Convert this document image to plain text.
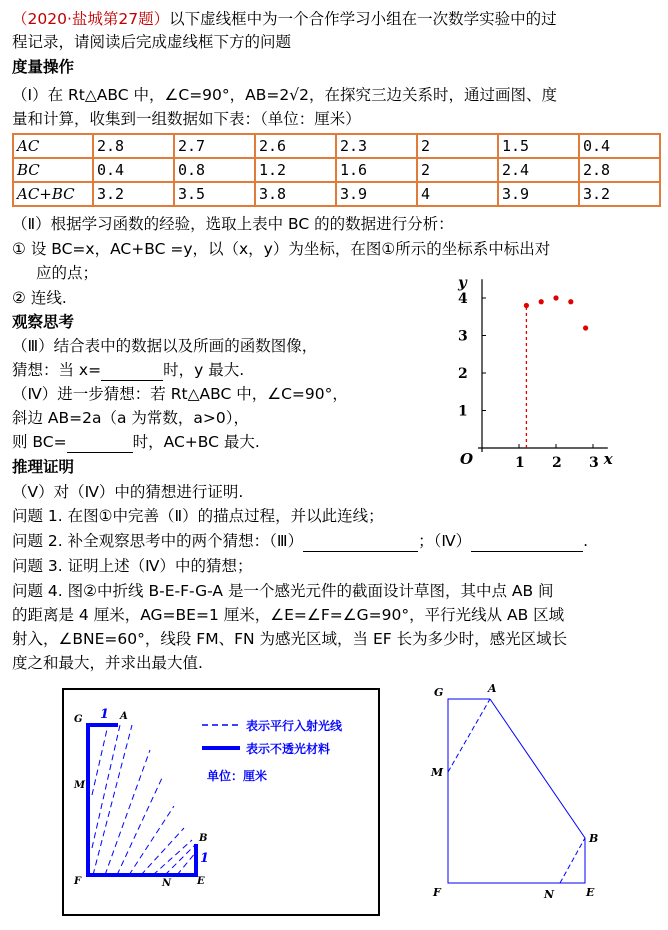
（2020·盐城第27题）以下虚线框中为一个合作学习小组在一次数学实验中的过
程记录，请阅读后完成虚线框下方的问题
度量操作
（Ⅰ）在 Rt△ABC 中，∠C=90°，AB=2√2，在探究三边关系时，通过画图、度
量和计算，收集到一组数据如下表：（单位：厘米）
AC	2.8	2.7	2.6	2.3	2	1.5	0.4
BC	0.4	0.8	1.2	1.6	2	2.4	2.8
AC+BC	3.2	3.5	3.8	3.9	4	3.9	3.2
（Ⅱ）根据学习函数的经验，选取上表中 BC 的的数据进行分析：
① 设 BC=x，AC+BC =y，以（x，y）为坐标，在图①所示的坐标系中标出对
应的点；
② 连线.
观察思考
（Ⅲ）结合表中的数据以及所画的函数图像，
猜想：当 x=	时，y 最大.
（Ⅳ）进一步猜想：若 Rt△ABC 中，∠C=90°，
斜边 AB=2a（a 为常数，a>0），
则 BC=	时，AC+BC 最大.
推理证明
（Ⅴ）对（Ⅳ）中的猜想进行证明.
问题 1. 在图①中完善（Ⅱ）的描点过程，并以此连线；
问题 2. 补全观察思考中的两个猜想：（Ⅲ）	；（Ⅳ）	.
问题 3. 证明上述（Ⅳ）中的猜想；
问题 4. 图②中折线 B-E-F-G-A 是一个感光元件的截面设计草图，其中点 AB 间
的距离是 4 厘米，AG=BE=1 厘米，∠E=∠F=∠G=90°，平行光线从 AB 区域
射入，∠BNE=60°，线段 FM、FN 为感光区域，当 EF 长为多少时，感光区域长
度之和最大，并求出最大值.
O	x
y
1 2 3
1
2
3
4
G	A
M
B
F	N	E
1
1
表示平行入射光线
表示不透光材料
单位：厘米
G	A
M
B
F	N	E
